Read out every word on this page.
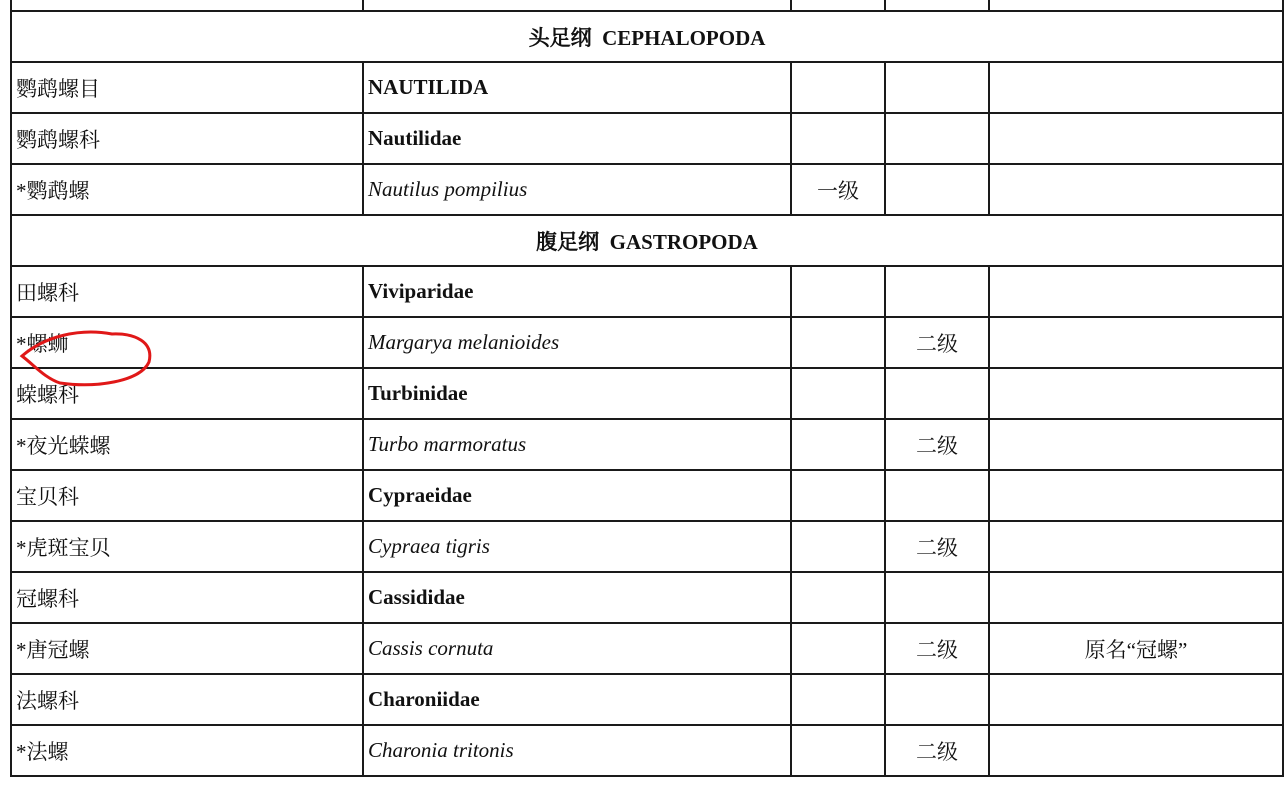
头足纲  CEPHALOPODA				
鹦鹉螺目	NAUTILIDA			
鹦鹉螺科	Nautilidae			
*鹦鹉螺	Nautilus pompilius	一级		
腹足纲  GASTROPODA				
田螺科	Viviparidae			
*螺蛳	Margarya melanioides		二级	
蝾螺科	Turbinidae			
*夜光蝾螺	Turbo marmoratus		二级	
宝贝科	Cypraeidae			
*虎斑宝贝	Cypraea tigris		二级	
冠螺科	Cassididae			
*唐冠螺	Cassis cornuta		二级	原名“冠螺”
法螺科	Charoniidae			
*法螺	Charonia tritonis		二级	
